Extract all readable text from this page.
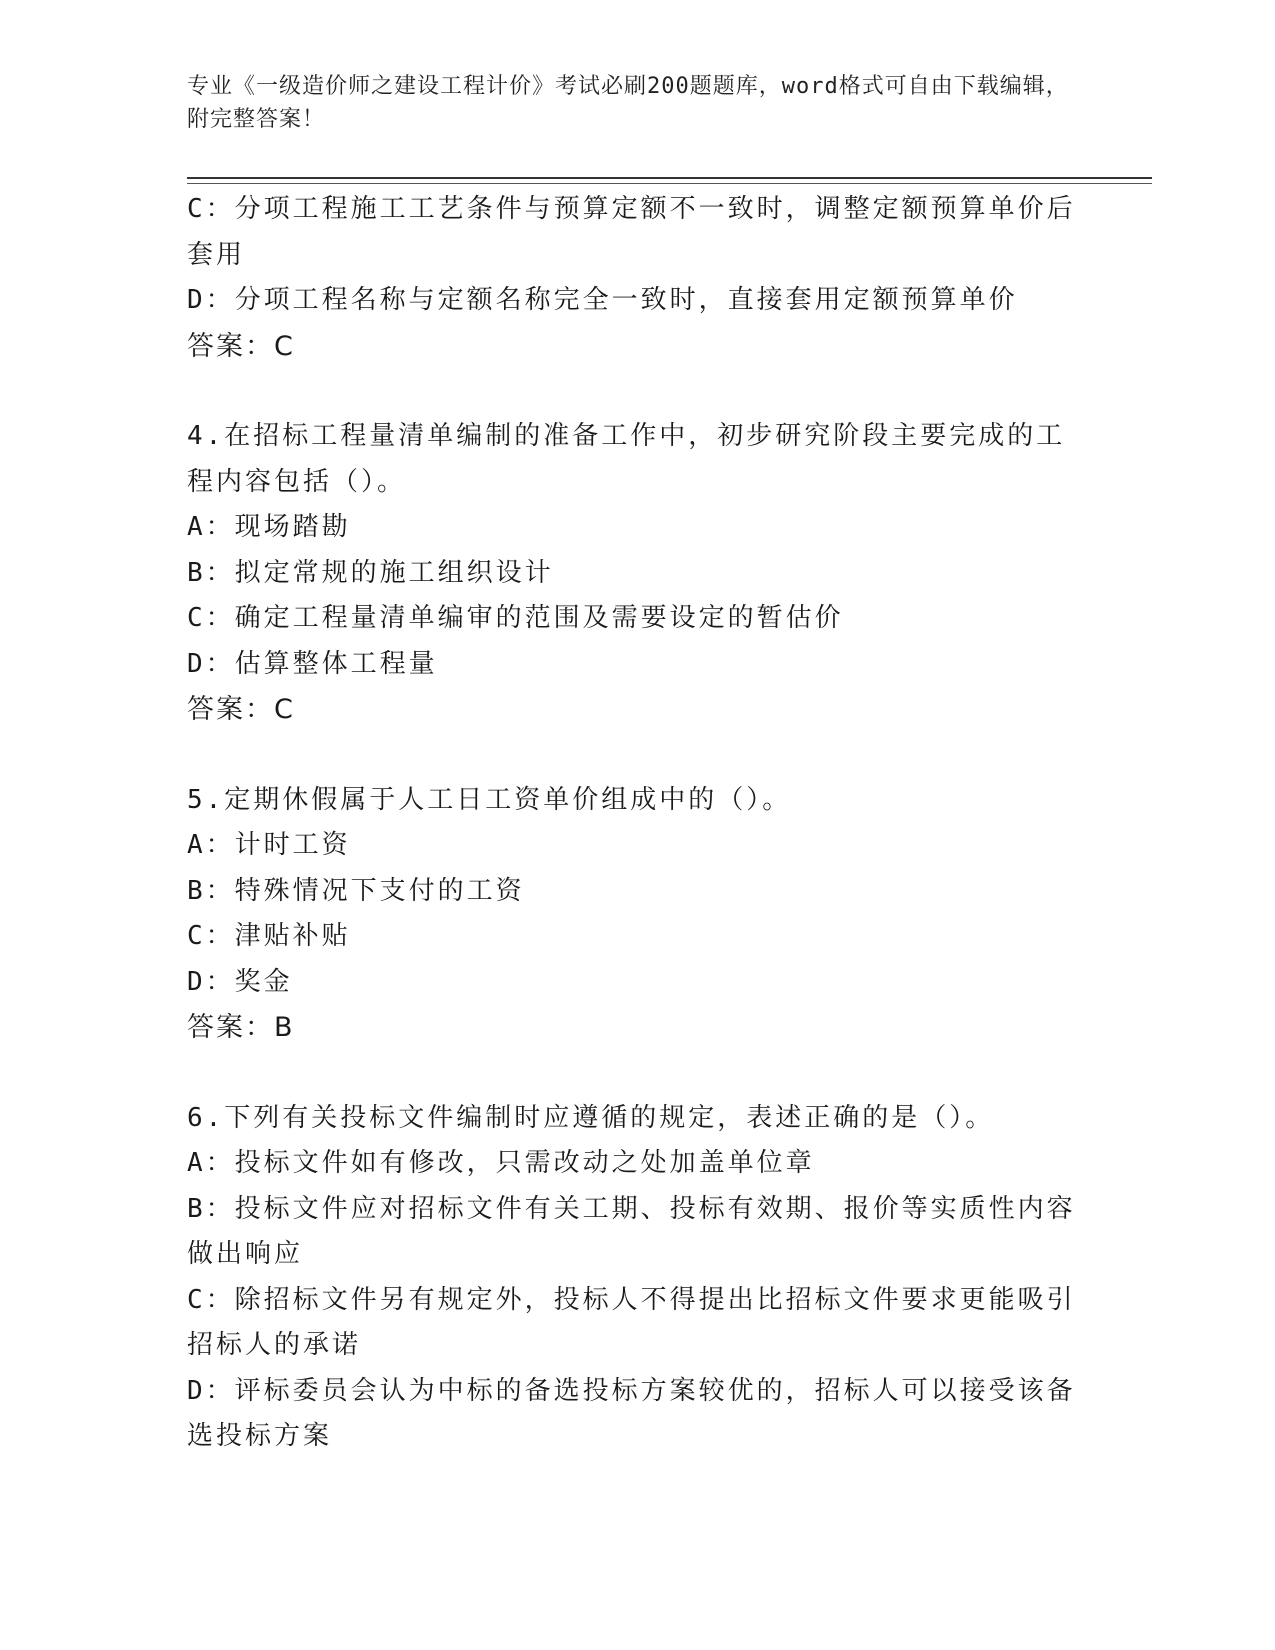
专业《一级造价师之建设工程计价》考试必刷200题题库，word格式可自由下载编辑，附完整答案！
C：分项工程施工工艺条件与预算定额不一致时，调整定额预算单价后套用
D：分项工程名称与定额名称完全一致时，直接套用定额预算单价
答案：C
4.在招标工程量清单编制的准备工作中，初步研究阶段主要完成的工程内容包括（）。
A：现场踏勘
B：拟定常规的施工组织设计
C：确定工程量清单编审的范围及需要设定的暂估价
D：估算整体工程量
答案：C
5.定期休假属于人工日工资单价组成中的（）。
A：计时工资
B：特殊情况下支付的工资
C：津贴补贴
D：奖金
答案：B
6.下列有关投标文件编制时应遵循的规定，表述正确的是（）。
A：投标文件如有修改，只需改动之处加盖单位章
B：投标文件应对招标文件有关工期、投标有效期、报价等实质性内容做出响应
C：除招标文件另有规定外，投标人不得提出比招标文件要求更能吸引招标人的承诺
D：评标委员会认为中标的备选投标方案较优的，招标人可以接受该备选投标方案
